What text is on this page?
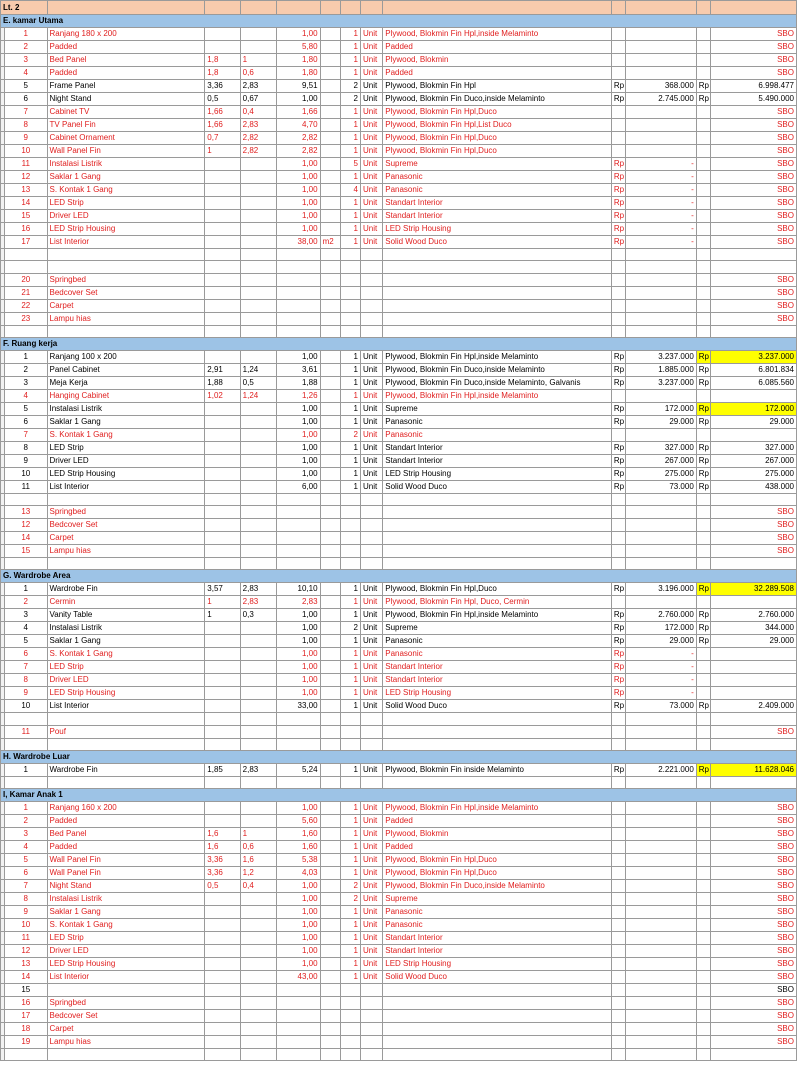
Lt. 2													
E. kamar Utama													
	1	Ranjang 180 x 200			1,00		1	Unit	Plywood, Blokmin Fin Hpl,inside Melaminto				SBO
	2	Padded			5,80		1	Unit	Padded				SBO
	3	Bed Panel	1,8	1	1,80		1	Unit	Plywood, Blokmin				SBO
	4	Padded	1,8	0,6	1,80		1	Unit	Padded				SBO
	5	Frame Panel	3,36	2,83	9,51		2	Unit	Plywood, Blokmin Fin Hpl	Rp	368.000	Rp	6.998.477
	6	Night Stand	0,5	0,67	1,00		2	Unit	Plywood, Blokmin Fin Duco,inside Melaminto	Rp	2.745.000	Rp	5.490.000
	7	Cabinet TV	1,66	0,4	1,66		1	Unit	Plywood, Blokmin Fin Hpl,Duco				SBO
	8	TV Panel Fin	1,66	2,83	4,70		1	Unit	Plywood, Blokmin Fin Hpl,List Duco				SBO
	9	Cabinet Ornament	0,7	2,82	2,82		1	Unit	Plywood, Blokmin Fin Hpl,Duco				SBO
	10	Wall Panel Fin	1	2,82	2,82		1	Unit	Plywood, Blokmin Fin Hpl,Duco				SBO
	11	Instalasi Listrik			1,00		5	Unit	Supreme	Rp	-		SBO
	12	Saklar 1 Gang			1,00		1	Unit	Panasonic	Rp	-		SBO
	13	S. Kontak 1 Gang			1,00		4	Unit	Panasonic	Rp	-		SBO
	14	LED Strip			1,00		1	Unit	Standart Interior	Rp	-		SBO
	15	Driver LED			1,00		1	Unit	Standart Interior	Rp	-		SBO
	16	LED Strip Housing			1,00		1	Unit	LED Strip Housing	Rp	-		SBO
	17	List Interior			38,00	m2	1	Unit	Solid Wood Duco	Rp	-		SBO

	20	Springbed											SBO
	21	Bedcover Set											SBO
	22	Carpet											SBO
	23	Lampu hias											SBO

F. Ruang kerja													
	1	Ranjang 100 x 200			1,00		1	Unit	Plywood, Blokmin Fin Hpl,inside Melaminto	Rp	3.237.000	Rp	3.237.000
	2	Panel Cabinet	2,91	1,24	3,61		1	Unit	Plywood, Blokmin Fin Duco,inside Melaminto	Rp	1.885.000	Rp	6.801.834
	3	Meja Kerja	1,88	0,5	1,88		1	Unit	Plywood, Blokmin Fin Duco,inside Melaminto, Galvanis	Rp	3.237.000	Rp	6.085.560
	4	Hanging Cabinet	1,02	1,24	1,26		1	Unit	Plywood, Blokmin Fin Hpl,inside Melaminto				
	5	Instalasi Listrik			1,00		1	Unit	Supreme	Rp	172.000	Rp	172.000
	6	Saklar 1 Gang			1,00		1	Unit	Panasonic	Rp	29.000	Rp	29.000
	7	S. Kontak 1 Gang			1,00		2	Unit	Panasonic				
	8	LED Strip			1,00		1	Unit	Standart Interior	Rp	327.000	Rp	327.000
	9	Driver LED			1,00		1	Unit	Standart Interior	Rp	267.000	Rp	267.000
	10	LED Strip Housing			1,00		1	Unit	LED Strip Housing	Rp	275.000	Rp	275.000
	11	List Interior			6,00		1	Unit	Solid Wood Duco	Rp	73.000	Rp	438.000

	13	Springbed											SBO
	12	Bedcover Set											SBO
	14	Carpet											SBO
	15	Lampu hias											SBO

G. Wardrobe Area													
	1	Wardrobe Fin	3,57	2,83	10,10		1	Unit	Plywood, Blokmin Fin Hpl,Duco	Rp	3.196.000	Rp	32.289.508
	2	Cermin	1	2,83	2,83		1	Unit	Plywood, Blokmin Fin Hpl, Duco, Cermin				
	3	Vanity Table	1	0,3	1,00		1	Unit	Plywood, Blokmin Fin Hpl,inside Melaminto	Rp	2.760.000	Rp	2.760.000
	4	Instalasi Listrik			1,00		2	Unit	Supreme	Rp	172.000	Rp	344.000
	5	Saklar 1 Gang			1,00		1	Unit	Panasonic	Rp	29.000	Rp	29.000
	6	S. Kontak 1 Gang			1,00		1	Unit	Panasonic	Rp	-		
	7	LED Strip			1,00		1	Unit	Standart Interior	Rp	-		
	8	Driver LED			1,00		1	Unit	Standart Interior	Rp	-		
	9	LED Strip Housing			1,00		1	Unit	LED Strip Housing	Rp	-		
	10	List Interior			33,00		1	Unit	Solid Wood Duco	Rp	73.000	Rp	2.409.000

	11	Pouf											SBO

H. Wardrobe Luar													
	1	Wardrobe Fin	1,85	2,83	5,24		1	Unit	Plywood, Blokmin Fin inside Melaminto	Rp	2.221.000	Rp	11.628.046

I, Kamar Anak 1													
	1	Ranjang 160 x 200			1,00		1	Unit	Plywood, Blokmin Fin Hpl,inside Melaminto				SBO
	2	Padded			5,60		1	Unit	Padded				SBO
	3	Bed Panel	1,6	1	1,60		1	Unit	Plywood, Blokmin				SBO
	4	Padded	1,6	0,6	1,60		1	Unit	Padded				SBO
	5	Wall Panel Fin	3,36	1,6	5,38		1	Unit	Plywood, Blokmin Fin Hpl,Duco				SBO
	6	Wall Panel Fin	3,36	1,2	4,03		1	Unit	Plywood, Blokmin Fin Hpl,Duco				SBO
	7	Night Stand	0,5	0,4	1,00		2	Unit	Plywood, Blokmin Fin Duco,inside Melaminto				SBO
	8	Instalasi Listrik			1,00		2	Unit	Supreme				SBO
	9	Saklar 1 Gang			1,00		1	Unit	Panasonic				SBO
	10	S. Kontak 1 Gang			1,00		1	Unit	Panasonic				SBO
	11	LED Strip			1,00		1	Unit	Standart Interior				SBO
	12	Driver LED			1,00		1	Unit	Standart Interior				SBO
	13	LED Strip Housing			1,00		1	Unit	LED Strip Housing				SBO
	14	List Interior			43,00		1	Unit	Solid Wood Duco				SBO
	15												SBO
	16	Springbed											SBO
	17	Bedcover Set											SBO
	18	Carpet											SBO
	19	Lampu hias											SBO
